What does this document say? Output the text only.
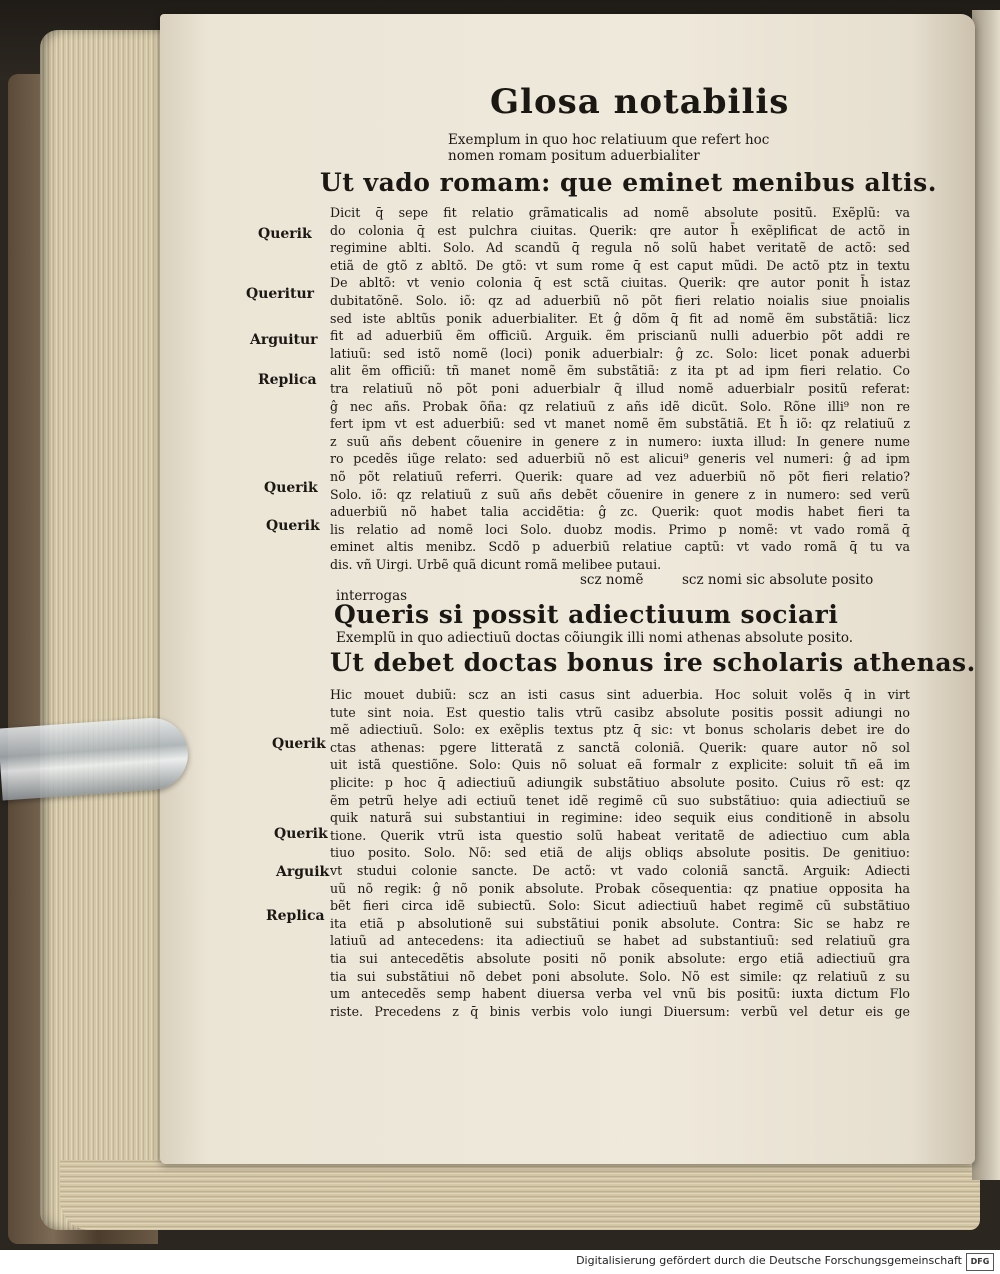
Glosa notabilis
Exemplum in quo hoc relatiuum que refert hoc
nomen romam positum aduerbialiter
Ut vado romam: que eminet menibus altis.

Dicit q̄ sepe fit relatio grãmaticalis ad nomẽ absolute positũ. Exẽplũ: va

do colonia q̄ est pulchra ciuitas. Querik: qre autor h̄ exẽplificat de actõ in

regimine ablti. Solo. Ad scandũ q̄ regula nõ solũ habet veritatẽ de actõ: sed

etiã de gtõ z abltõ. De gtõ: vt sum rome q̄ est caput mũdi. De actõ ptz in textu

De abltõ: vt venio colonia q̄ est sctã ciuitas. Querik: qre autor ponit h̄ istaz

dubitatõnẽ. Solo. iõ: qz ad aduerbiũ nõ põt fieri relatio noialis siue pnoialis

sed iste abltũs ponik aduerbialiter. Et ĝ dõm q̄ fit ad nomẽ ẽm substãtiã: licz

fit ad aduerbiũ ẽm officiũ. Arguik. ẽm priscianũ nulli aduerbio põt addi re

latiuũ: sed istõ nomẽ (loci) ponik aduerbialr: ĝ zc. Solo: licet ponak aduerbi

alit ẽm officiũ: tñ manet nomẽ ẽm substãtiã: z ita pt ad ipm fieri relatio. Co

tra relatiuũ nõ põt poni aduerbialr q̃ illud nomẽ aduerbialr positũ referat:

ĝ nec añs. Probak õña: qz relatiuũ z añs idẽ dicũt. Solo. Rõne illi⁹ non re

fert ipm vt est aduerbiũ: sed vt manet nomẽ ẽm substãtiã. Et h̄ iõ: qz relatiuũ z

z suũ añs debent cõuenire in genere z in numero: iuxta illud: In genere nume

ro pcedẽs iũge relato: sed aduerbiũ nõ est alicui⁹ generis vel numeri: ĝ ad ipm

nõ põt relatiuũ referri. Querik: quare ad vez aduerbiũ nõ põt fieri relatio?

Solo. iõ: qz relatiuũ z suũ añs debẽt cõuenire in genere z in numero: sed verũ

aduerbiũ nõ habet talia accidẽtia: ĝ zc. Querik: quot modis habet fieri ta

lis relatio ad nomẽ loci Solo. duobz modis. Primo p nomẽ: vt vado romã q̄

eminet altis menibz. Scdõ p aduerbiũ relatiue captũ: vt vado romã q̄ tu va

dis. vñ Uirgi. Urbẽ quã dicunt romã melibee putaui.

scz nomẽ	scz nomi sic absolute posito
interrogas
Queris si possit adiectiuum sociari
Exemplũ in quo adiectiuũ doctas cõiungik illi nomi athenas absolute posito.
Ut debet doctas bonus ire scholaris athenas.

Hic mouet dubiũ: scz an isti casus sint aduerbia. Hoc soluit volẽs q̄ in virt

tute sint noia. Est questio talis vtrũ casibz absolute positis possit adiungi no

mẽ adiectiuũ. Solo: ex exẽplis textus ptz q̄ sic: vt bonus scholaris debet ire do

ctas athenas: pgere litteratã z sanctã coloniã. Querik: quare autor nõ sol

uit istã questiõne. Solo: Quis nõ soluat eã formalr z explicite: soluit tñ eã im

plicite: p hoc q̄ adiectiuũ adiungik substãtiuo absolute posito. Cuius rõ est: qz

ẽm petrũ helye adi ectiuũ tenet idẽ regimẽ cũ suo substãtiuo: quia adiectiuũ se

quik naturã sui substantiui in regimine: ideo sequik eius conditionẽ in absolu

tione. Querik vtrũ ista questio solũ habeat veritatẽ de adiectiuo cum abla

tiuo posito. Solo. Nõ: sed etiã de alijs obliqs absolute positis. De genitiuo:

vt studui colonie sancte. De actõ: vt vado coloniã sanctã. Arguik: Adiecti

uũ nõ regik: ĝ nõ ponik absolute. Probak cõsequentia: qz pnatiue opposita ha

bẽt fieri circa idẽ subiectũ. Solo: Sicut adiectiuũ habet regimẽ cũ substãtiuo

ita etiã p absolutionẽ sui substãtiui ponik absolute. Contra: Sic se habz re

latiuũ ad antecedens: ita adiectiuũ se habet ad substantiuũ: sed relatiuũ gra

tia sui antecedẽtis absolute positi nõ ponik absolute: ergo etiã adiectiuũ gra

tia sui substãtiui nõ debet poni absolute. Solo. Nõ est simile: qz relatiuũ z su

um antecedẽs semp habent diuersa verba vel vnũ bis positũ: iuxta dictum Flo

riste. Precedens z q̄ binis verbis volo iungi Diuersum: verbũ vel detur eis ge

Querik
Queritur
Arguitur
Replica
Querik
Querik
Querik
Querik
Arguik
Replica
Digitalisierung gefördert durch die Deutsche Forschungsgemeinschaft	DFG
